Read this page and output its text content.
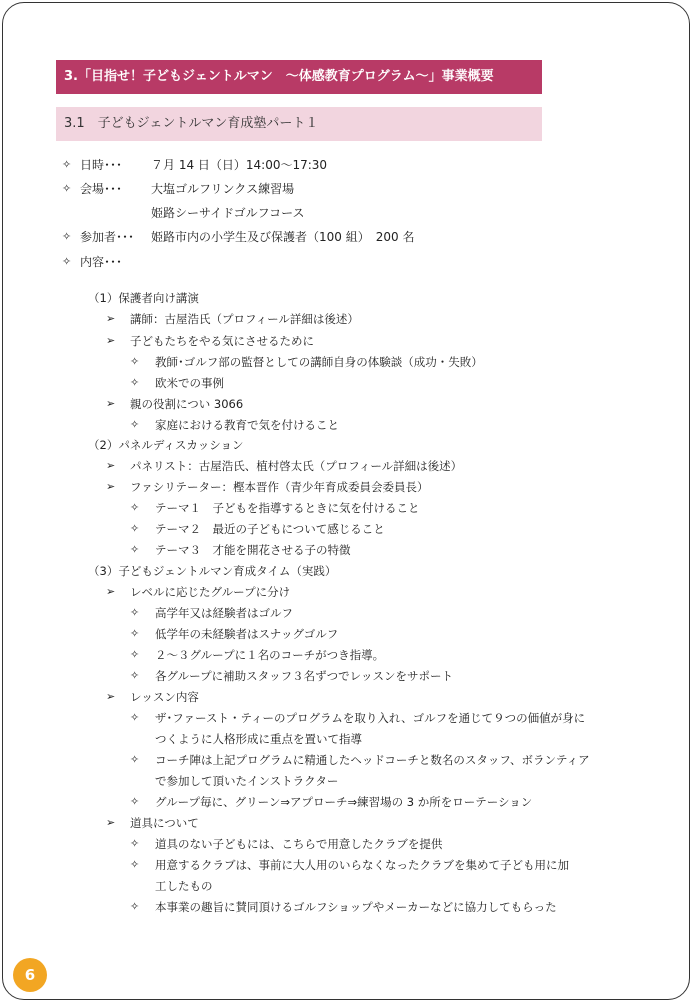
3.「目指せ！子どもジェントルマン　～体感教育プログラム～」事業概要
3.1　子どもジェントルマン育成塾パート１
✧ 日時･･･ ７月 14 日（日）14:00～17:30
✧ 会場･･･ 大塩ゴルフリンクス練習場
姫路シーサイドゴルフコース
✧ 参加者･･･ 姫路市内の小学生及び保護者（100 組）　200 名
✧ 内容･･･
（1）保護者向け講演
➢ 講師：古屋浩氏（プロフィール詳細は後述）
➢ 子どもたちをやる気にさせるために
✧ 教師･ゴルフ部の監督としての講師自身の体験談（成功・失敗）
✧ 欧米での事例
➢ 親の役割につい 3066
✧ 家庭における教育で気を付けること
（2）パネルディスカッション
➢ パネリスト：古屋浩氏、植村啓太氏（プロフィール詳細は後述）
➢ ファシリテーター：樫本晋作（青少年育成委員会委員長）
✧ テーマ１　子どもを指導するときに気を付けること
✧ テーマ２　最近の子どもについて感じること
✧ テーマ３　才能を開花させる子の特徴
（3）子どもジェントルマン育成タイム（実践）
➢ レベルに応じたグループに分け
✧ 高学年又は経験者はゴルフ
✧ 低学年の未経験者はスナッグゴルフ
✧ ２～３グループに１名のコーチがつき指導。
✧ 各グループに補助スタッフ３名ずつでレッスンをサポート
➢ レッスン内容
✧ ザ･ファースト・ティーのプログラムを取り入れ、ゴルフを通じて９つの価値が身に
つくように人格形成に重点を置いて指導
✧ コーチ陣は上記プログラムに精通したヘッドコーチと数名のスタッフ、ボランティア
で参加して頂いたインストラクター
✧ グループ毎に、グリーン⇒アプローチ⇒練習場の 3 か所をローテーション
➢ 道具について
✧ 道具のない子どもには、こちらで用意したクラブを提供
✧ 用意するクラブは、事前に大人用のいらなくなったクラブを集めて子ども用に加
工したもの
✧ 本事業の趣旨に賛同頂けるゴルフショップやメーカーなどに協力してもらった
6
